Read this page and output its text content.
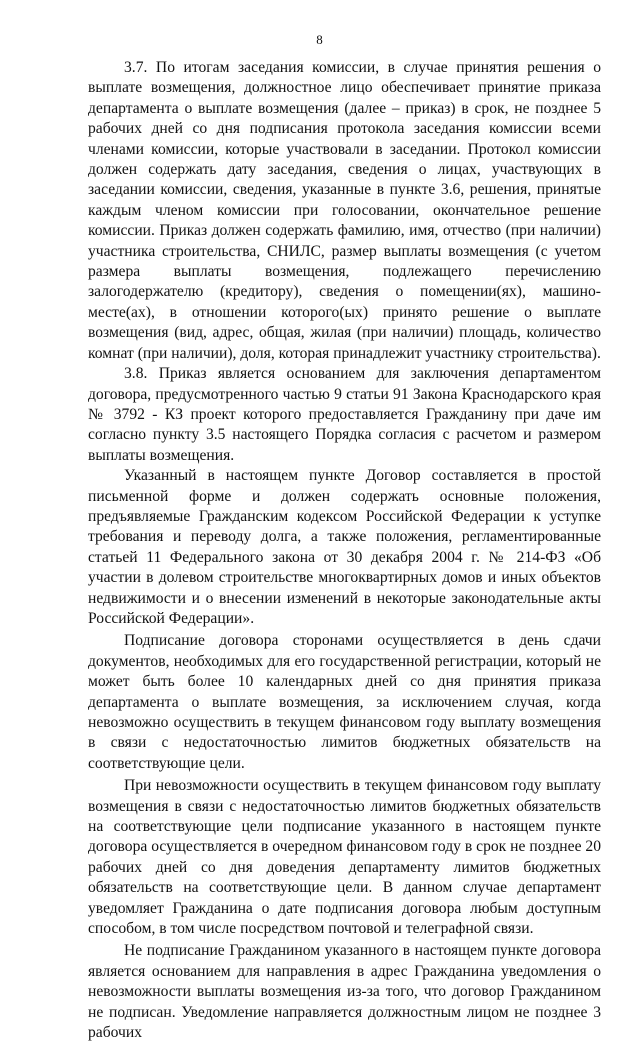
8

3.7. По итогам заседания комиссии, в случае принятия решения о выплате возмещения, должностное лицо обеспечивает принятие приказа департамента о выплате возмещения (далее – приказ) в срок, не позднее 5 рабочих дней со дня подписания протокола заседания комиссии всеми членами комиссии, которые участвовали в заседании. Протокол комиссии должен содержать дату заседания, сведения о лицах, участвующих в заседании комиссии, сведения, указанные в пункте 3.6, решения, принятые каждым членом комиссии при голосовании, окончательное решение комиссии. Приказ должен содержать фамилию, имя, отчество (при наличии) участника строительства, СНИЛС, размер выплаты возмещения (с учетом размера выплаты возмещения, подлежащего перечислению залогодержателю (кредитору), сведения о помещении(ях), машино-месте(ах), в отношении которого(ых) принято решение о выплате возмещения (вид, адрес, общая, жилая (при наличии) площадь, количество комнат (при наличии), доля, которая принадлежит участнику строительства).

3.8. Приказ является основанием для заключения департаментом договора, предусмотренного частью 9 статьи 91 Закона Краснодарского края № 3792 - КЗ проект которого предоставляется Гражданину при даче им согласно пункту 3.5 настоящего Порядка согласия с расчетом и размером выплаты возмещения.

Указанный в настоящем пункте Договор составляется в простой письменной форме и должен содержать основные положения, предъявляемые Гражданским кодексом Российской Федерации к уступке требования и переводу долга, а также положения, регламентированные статьей 11 Федерального закона от 30 декабря 2004 г. № 214-ФЗ «Об участии в долевом строительстве многоквартирных домов и иных объектов недвижимости и о внесении изменений в некоторые законодательные акты Российской Федерации».

Подписание договора сторонами осуществляется в день сдачи документов, необходимых для его государственной регистрации, который не может быть более 10 календарных дней со дня принятия приказа департамента о выплате возмещения, за исключением случая, когда невозможно осуществить в текущем финансовом году выплату возмещения в связи с недостаточностью лимитов бюджетных обязательств на соответствующие цели.

При невозможности осуществить в текущем финансовом году выплату возмещения в связи с недостаточностью лимитов бюджетных обязательств на соответствующие цели подписание указанного в настоящем пункте договора осуществляется в очередном финансовом году в срок не позднее 20 рабочих дней со дня доведения департаменту лимитов бюджетных обязательств на соответствующие цели. В данном случае департамент уведомляет Гражданина о дате подписания договора любым доступным способом, в том числе посредством почтовой и телеграфной связи.

Не подписание Гражданином указанного в настоящем пункте договора является основанием для направления в адрес Гражданина уведомления о невозможности выплаты возмещения из-за того, что договор Гражданином не подписан. Уведомление направляется должностным лицом не позднее 3 рабочих
